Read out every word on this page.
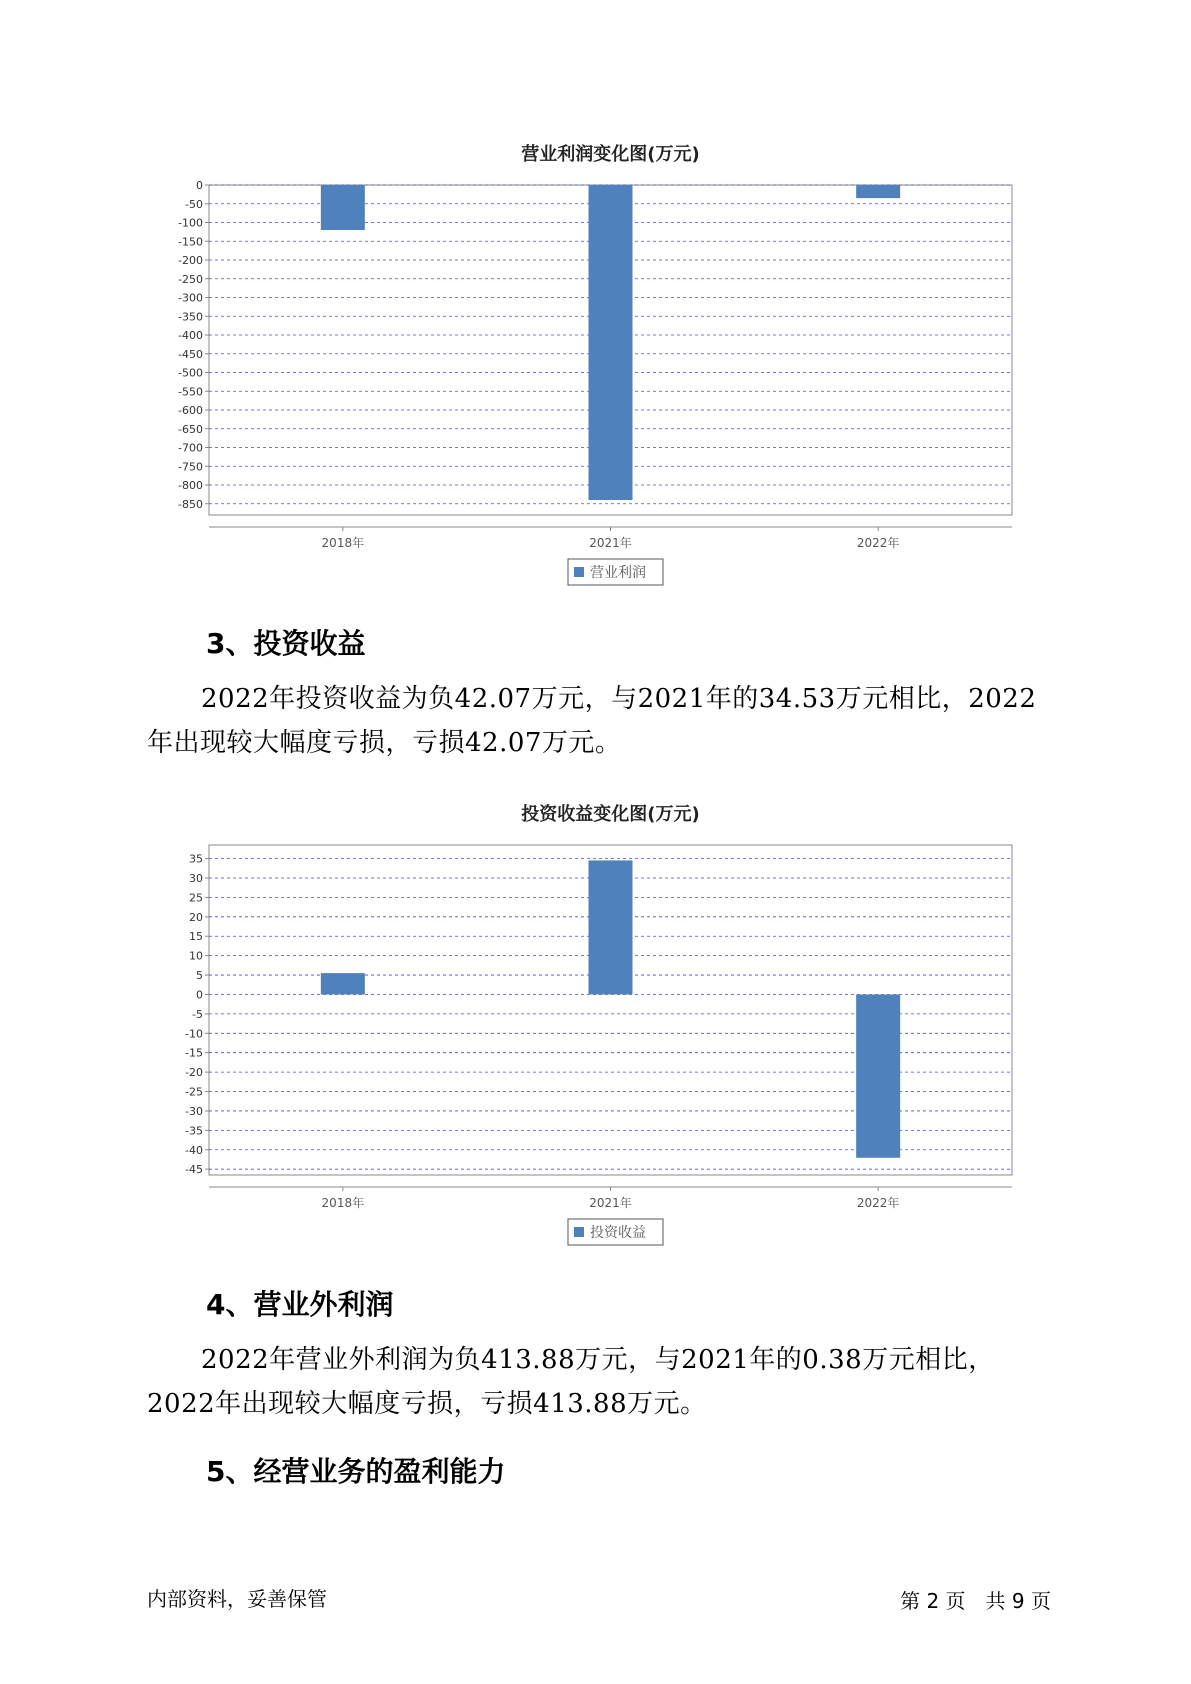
营业利润变化图(万元)
0
-50
-100
-150
-200
-250
-300
-350
-400
-450
-500
-550
-600
-650
-700
-750
-800
-850
2018年	2021年	2022年
营业利润
3、投资收益

2022年投资收益为负42.07万元，与2021年的34.53万元相比，2022年出现较大幅度亏损，亏损42.07万元。

投资收益变化图(万元)
35
30
25
20
15
10
5
0
-5
-10
-15
-20
-25
-30
-35
-40
-45
2018年	2021年	2022年
投资收益
4、营业外利润

2022年营业外利润为负413.88万元，与2021年的0.38万元相比，2022年出现较大幅度亏损，亏损413.88万元。

5、经营业务的盈利能力
内部资料，妥善保管	第 2 页　共 9 页
